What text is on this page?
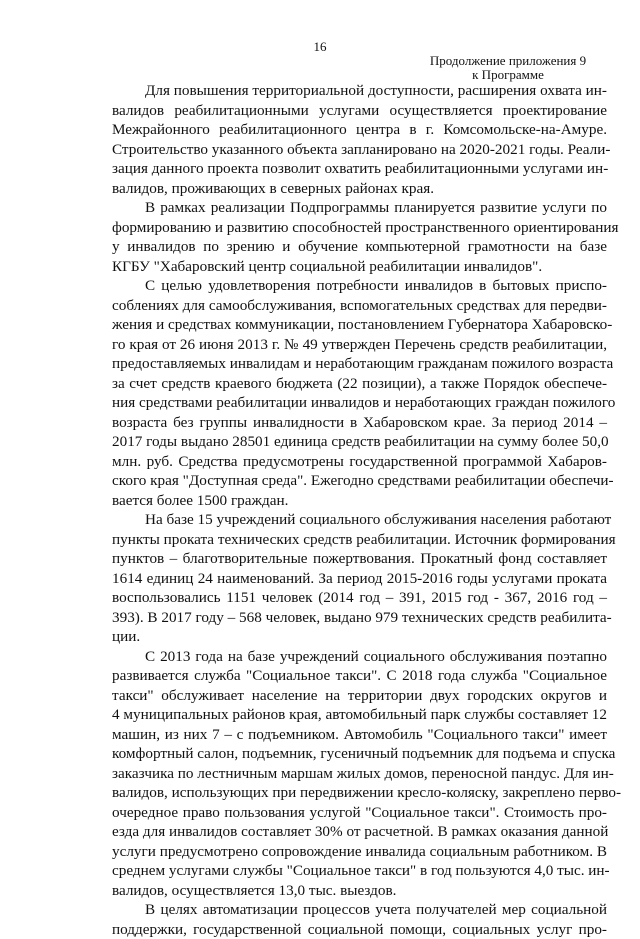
16
Продолжение приложения 9
к Программе

Для повышения территориальной доступности, расширения охвата ин-
валидов реабилитационными услугами осуществляется проектирование
Межрайонного реабилитационного центра в г. Комсомольске-на-Амуре.
Строительство указанного объекта запланировано на 2020-2021 годы. Реали-
зация данного проекта позволит охватить реабилитационными услугами ин-
валидов, проживающих в северных районах края.

В рамках реализации Подпрограммы планируется развитие услуги по
формированию и развитию способностей пространственного ориентирования
у инвалидов по зрению и обучение компьютерной грамотности на базе
КГБУ "Хабаровский центр социальной реабилитации инвалидов".

С целью удовлетворения потребности инвалидов в бытовых приспо-
соблениях для самообслуживания, вспомогательных средствах для передви-
жения и средствах коммуникации, постановлением Губернатора Хабаровско-
го края от 26 июня 2013 г. № 49 утвержден Перечень средств реабилитации,
предоставляемых инвалидам и неработающим гражданам пожилого возраста
за счет средств краевого бюджета (22 позиции), а также Порядок обеспече-
ния средствами реабилитации инвалидов и неработающих граждан пожилого
возраста без группы инвалидности в Хабаровском крае. За период 2014 –
2017 годы выдано 28501 единица средств реабилитации на сумму более 50,0
млн. руб. Средства предусмотрены государственной программой Хабаров-
ского края "Доступная среда". Ежегодно средствами реабилитации обеспечи-
вается более 1500 граждан.

На базе 15 учреждений социального обслуживания населения работают
пункты проката технических средств реабилитации. Источник формирования
пунктов – благотворительные пожертвования. Прокатный фонд составляет
1614 единиц 24 наименований. За период 2015-2016 годы услугами проката
воспользовались 1151 человек (2014 год – 391, 2015 год - 367, 2016 год –
393). В 2017 году – 568 человек, выдано 979 технических средств реабилита-
ции.

С 2013 года на базе учреждений социального обслуживания поэтапно
развивается служба "Социальное такси". С 2018 года служба "Социальное
такси" обслуживает население на территории двух городских округов и
4 муниципальных районов края, автомобильный парк службы составляет 12
машин, из них 7 – с подъемником. Автомобиль "Социального такси" имеет
комфортный салон, подъемник, гусеничный подъемник для подъема и спуска
заказчика по лестничным маршам жилых домов, переносной пандус. Для ин-
валидов, использующих при передвижении кресло-коляску, закреплено перво-
очередное право пользования услугой "Социальное такси". Стоимость про-
езда для инвалидов составляет 30% от расчетной. В рамках оказания данной
услуги предусмотрено сопровождение инвалида социальным работником. В
среднем услугами службы "Социальное такси" в год пользуются 4,0 тыс. ин-
валидов, осуществляется 13,0 тыс. выездов.

В целях автоматизации процессов учета получателей мер социальной
поддержки, государственной социальной помощи, социальных услуг про-
